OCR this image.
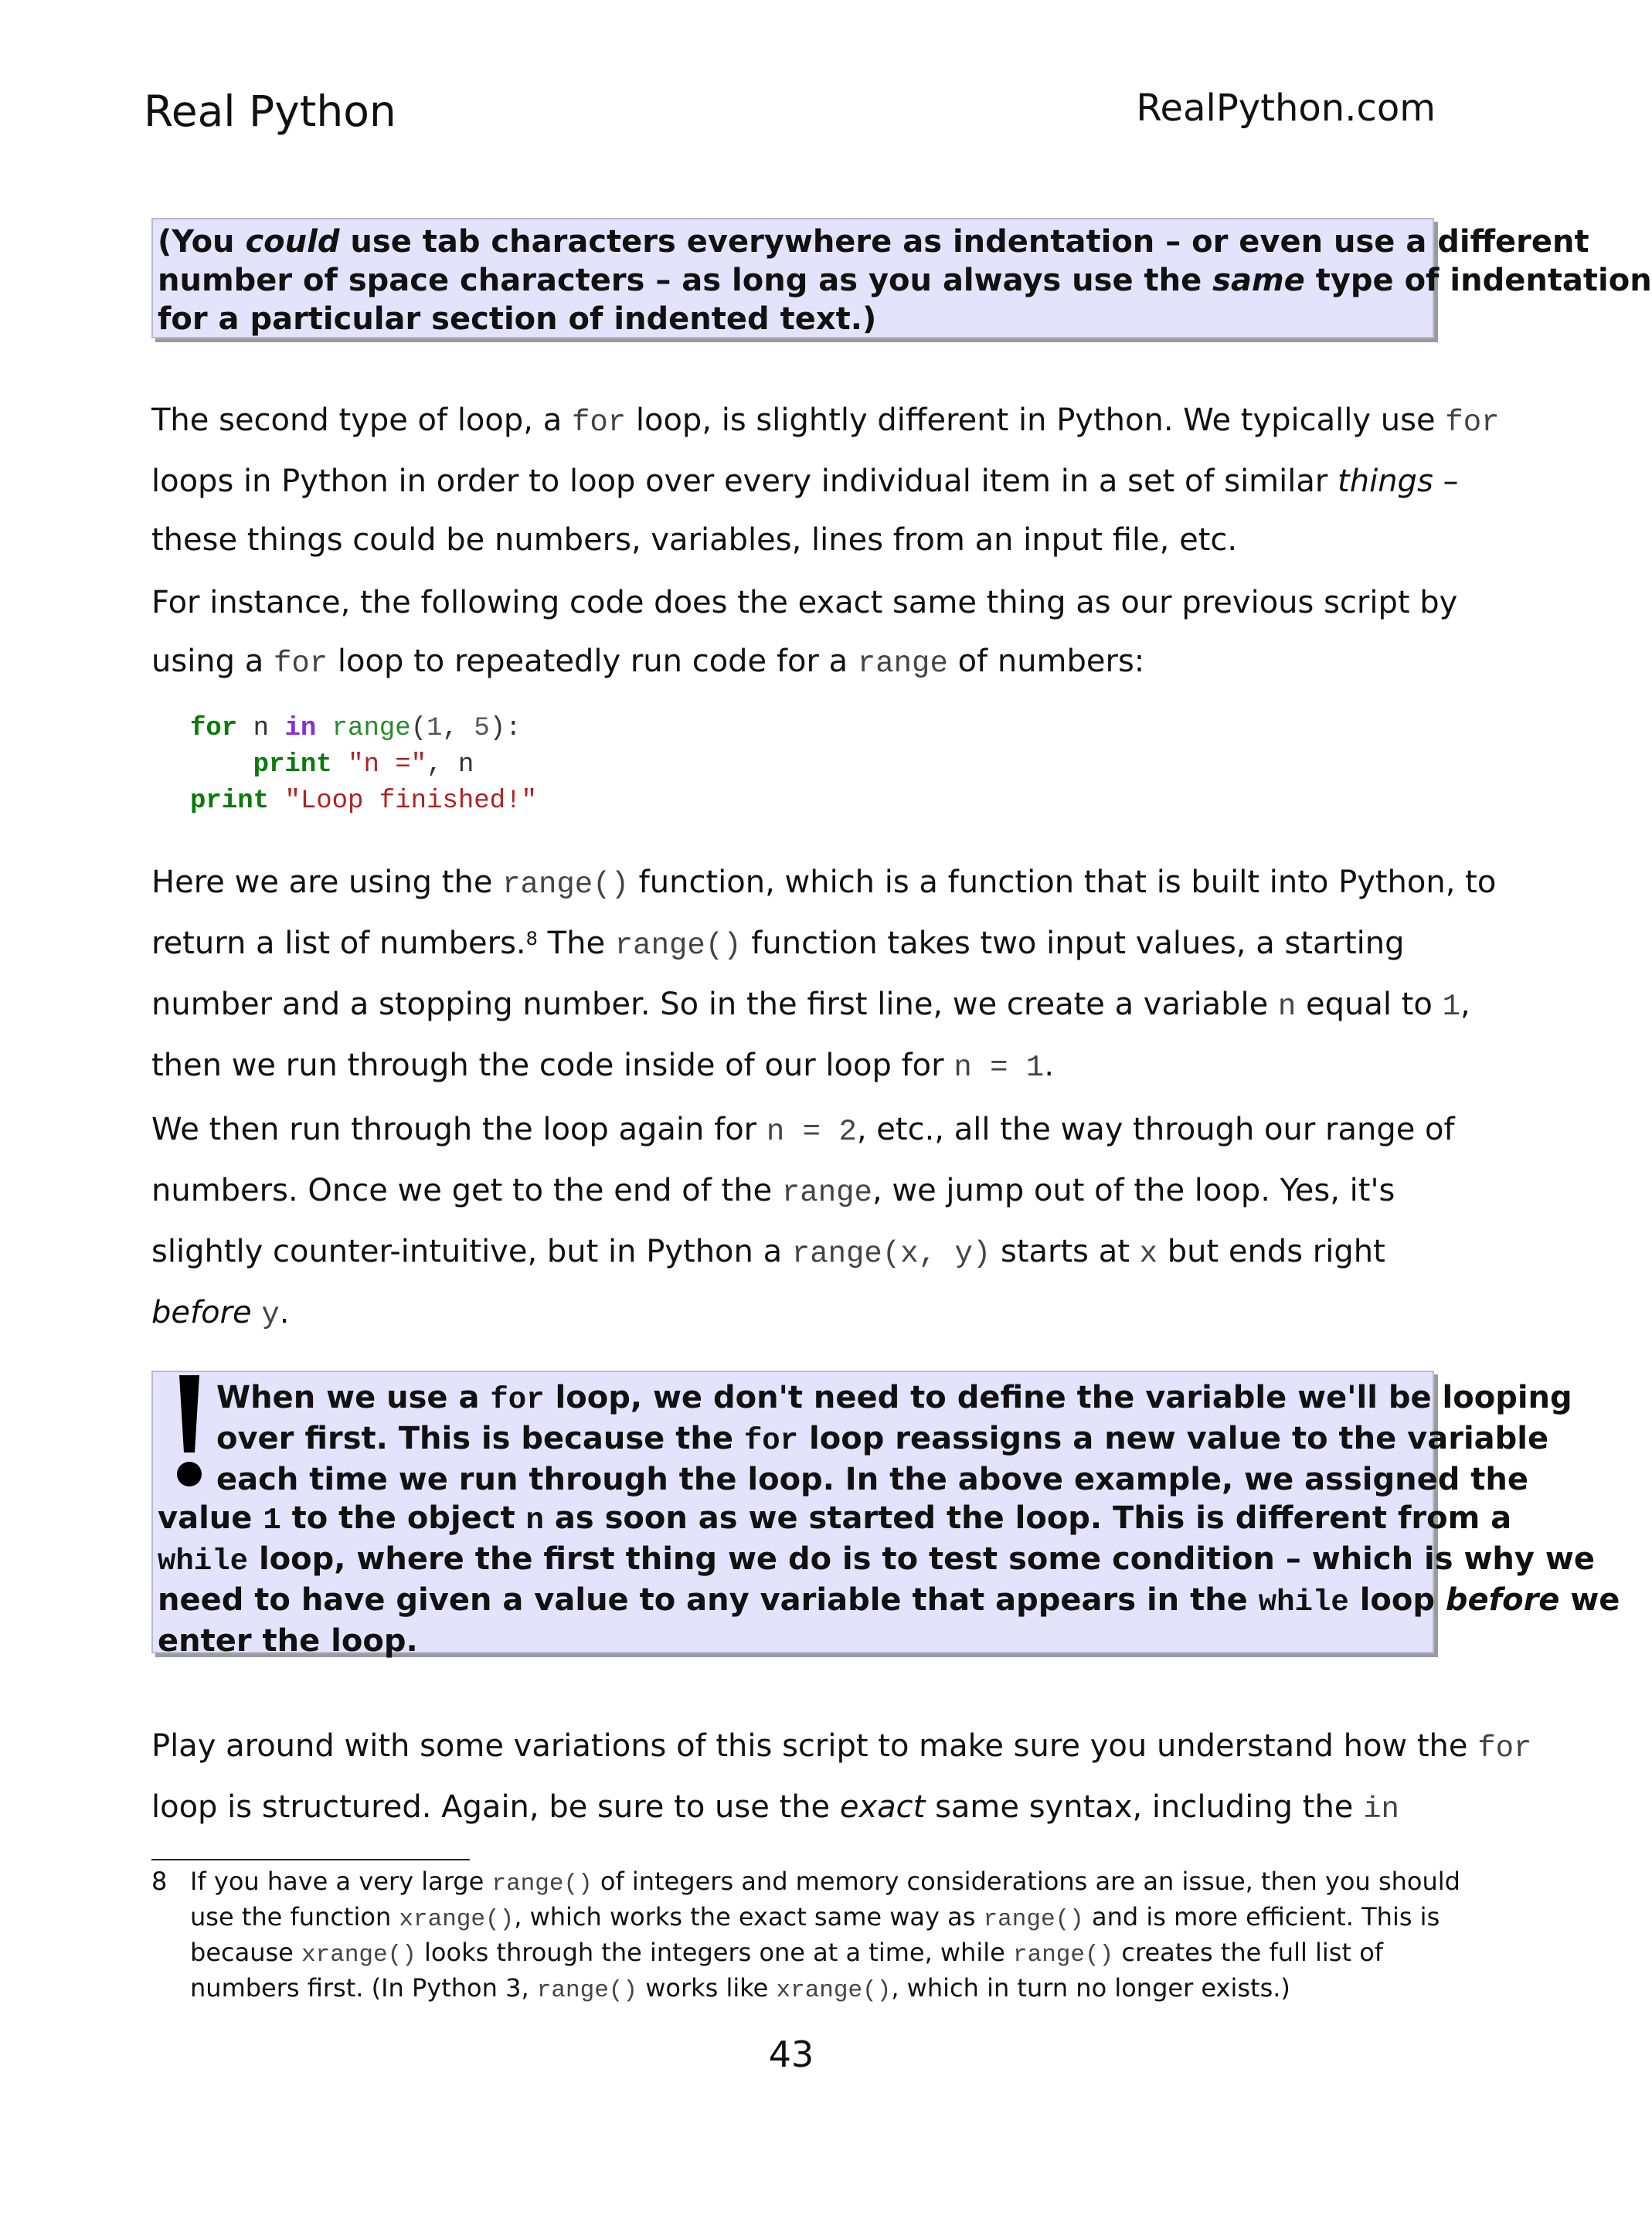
Real Python	RealPython.com
(You could use tab characters everywhere as indentation – or even use a different
number of space characters – as long as you always use the same type of indentation
for a particular section of indented text.)
The second type of loop, a for loop, is slightly different in Python. We typically use for
loops in Python in order to loop over every individual item in a set of similar things –
these things could be numbers, variables, lines from an input file, etc.
For instance, the following code does the exact same thing as our previous script by
using a for loop to repeatedly run code for a range of numbers:
for n in range(1, 5):
print "n =", n
print "Loop finished!"
Here we are using the range() function, which is a function that is built into Python, to
return a list of numbers.$^8$ The range() function takes two input values, a starting
number and a stopping number. So in the first line, we create a variable n equal to 1,
then we run through the code inside of our loop for n = 1.
We then run through the loop again for n = 2, etc., all the way through our range of
numbers. Once we get to the end of the range, we jump out of the loop. Yes, it's
slightly counter-intuitive, but in Python a range(x, y) starts at x but ends right
before y.
When we use a for loop, we don't need to define the variable we'll be looping
over first. This is because the for loop reassigns a new value to the variable
each time we run through the loop. In the above example, we assigned the
value 1 to the object n as soon as we started the loop. This is different from a
while loop, where the first thing we do is to test some condition – which is why we
need to have given a value to any variable that appears in the while loop before we
enter the loop.
Play around with some variations of this script to make sure you understand how the for
loop is structured. Again, be sure to use the exact same syntax, including the in
8 If you have a very large range() of integers and memory considerations are an issue, then you should
use the function xrange(), which works the exact same way as range() and is more efficient. This is
because xrange() looks through the integers one at a time, while range() creates the full list of
numbers first. (In Python 3, range() works like xrange(), which in turn no longer exists.)
43
